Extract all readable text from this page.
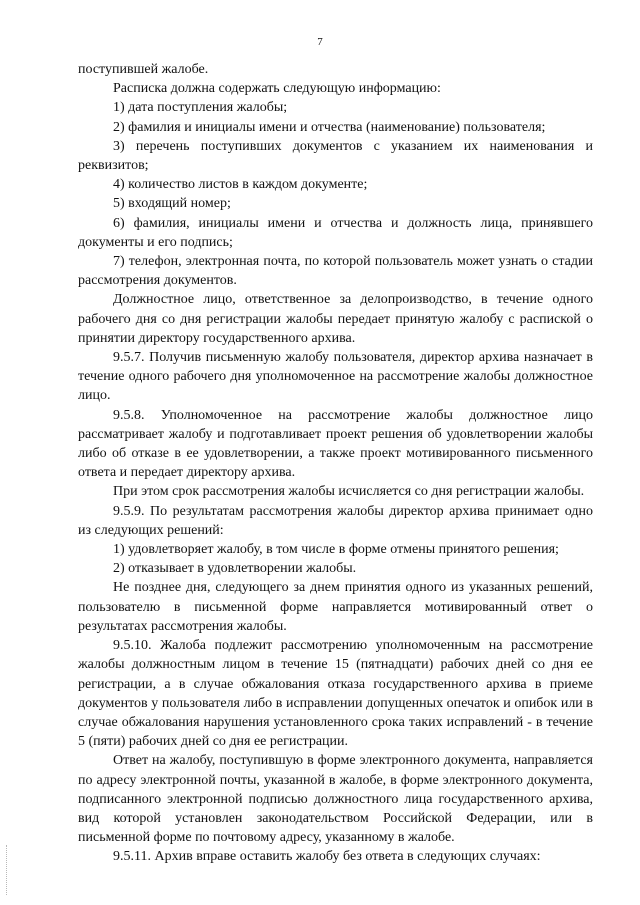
7

поступившей жалобе.

Расписка должна содержать следующую информацию:

1) дата поступления жалобы;

2) фамилия и инициалы имени и отчества (наименование) пользователя;

3) перечень поступивших документов с указанием их наименования и реквизитов;

4) количество листов в каждом документе;

5) входящий номер;

6) фамилия, инициалы имени и отчества и должность лица, принявшего документы и его подпись;

7) телефон, электронная почта, по которой пользователь может узнать о стадии рассмотрения документов.

Должностное лицо, ответственное за делопроизводство, в течение одного рабочего дня со дня регистрации жалобы передает принятую жалобу с распиской о принятии директору государственного архива.

9.5.7. Получив письменную жалобу пользователя, директор архива назначает в течение одного рабочего дня уполномоченное на рассмотрение жалобы должностное лицо.

9.5.8. Уполномоченное на рассмотрение жалобы должностное лицо рассматривает жалобу и подготавливает проект решения об удовлетворении жалобы либо об отказе в ее удовлетворении, а также проект мотивированного письменного ответа и передает директору архива.

При этом срок рассмотрения жалобы исчисляется со дня регистрации жалобы.

9.5.9. По результатам рассмотрения жалобы директор архива принимает одно из следующих решений:

1) удовлетворяет жалобу, в том числе в форме отмены принятого решения;

2) отказывает в удовлетворении жалобы.

Не позднее дня, следующего за днем принятия одного из указанных решений, пользователю в письменной форме направляется мотивированный ответ о результатах рассмотрения жалобы.

9.5.10. Жалоба подлежит рассмотрению уполномоченным на рассмотрение жалобы должностным лицом в течение 15 (пятнадцати) рабочих дней со дня ее регистрации, а в случае обжалования отказа государственного архива в приеме документов у пользователя либо в исправлении допущенных опечаток и опибок или в случае обжалования нарушения установленного срока таких исправлений - в течение 5 (пяти) рабочих дней со дня ее регистрации.

Ответ на жалобу, поступившую в форме электронного документа, направляется по адресу электронной почты, указанной в жалобе, в форме электронного документа, подписанного электронной подписью должностного лица государственного архива, вид которой установлен законодательством Российской Федерации, или в письменной форме по почтовому адресу, указанному в жалобе.

9.5.11. Архив вправе оставить жалобу без ответа в следующих случаях:
